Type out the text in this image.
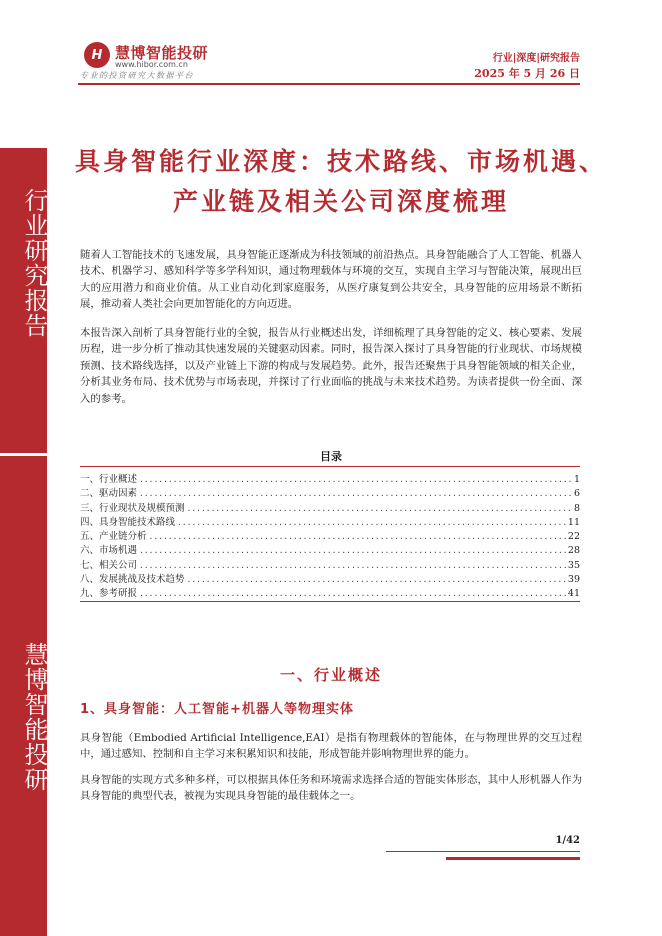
行业研究报告
慧博智能投研
H 慧博智能投研
www.hibor.com.cn
专业的投资研究大数据平台
行业|深度|研究报告
2025 年 5 月 26 日
具身智能行业深度：技术路线、市场机遇、
产业链及相关公司深度梳理
随着人工智能技术的飞速发展，具身智能正逐渐成为科技领域的前沿热点。具身智能融合了人工智能、机器人技术、机器学习、感知科学等多学科知识，通过物理载体与环境的交互，实现自主学习与智能决策，展现出巨大的应用潜力和商业价值。从工业自动化到家庭服务，从医疗康复到公共安全，具身智能的应用场景不断拓展，推动着人类社会向更加智能化的方向迈进。
本报告深入剖析了具身智能行业的全貌，报告从行业概述出发，详细梳理了具身智能的定义、核心要素、发展历程，进一步分析了推动其快速发展的关键驱动因素。同时，报告深入探讨了具身智能的行业现状、市场规模预测、技术路线选择，以及产业链上下游的构成与发展趋势。此外，报告还聚焦于具身智能领域的相关企业，分析其业务布局、技术优势与市场表现，并探讨了行业面临的挑战与未来技术趋势。为读者提供一份全面、深入的参考。
目录
一、行业概述 .....	1
二、驱动因素 .....	6
三、行业现状及规模预测 .....	8
四、具身智能技术路线 .....	11
五、产业链分析 .....	22
六、市场机遇 .....	28
七、相关公司 .....	35
八、发展挑战及技术趋势 .....	39
九、参考研报 .....	41
一、行业概述
1、具身智能：人工智能+机器人等物理实体
具身智能（Embodied Artificial Intelligence,EAI）是指有物理载体的智能体，在与物理世界的交互过程中，通过感知、控制和自主学习来积累知识和技能，形成智能并影响物理世界的能力。
具身智能的实现方式多种多样，可以根据具体任务和环境需求选择合适的智能实体形态，其中人形机器人作为具身智能的典型代表，被视为实现具身智能的最佳载体之一。
1/42
